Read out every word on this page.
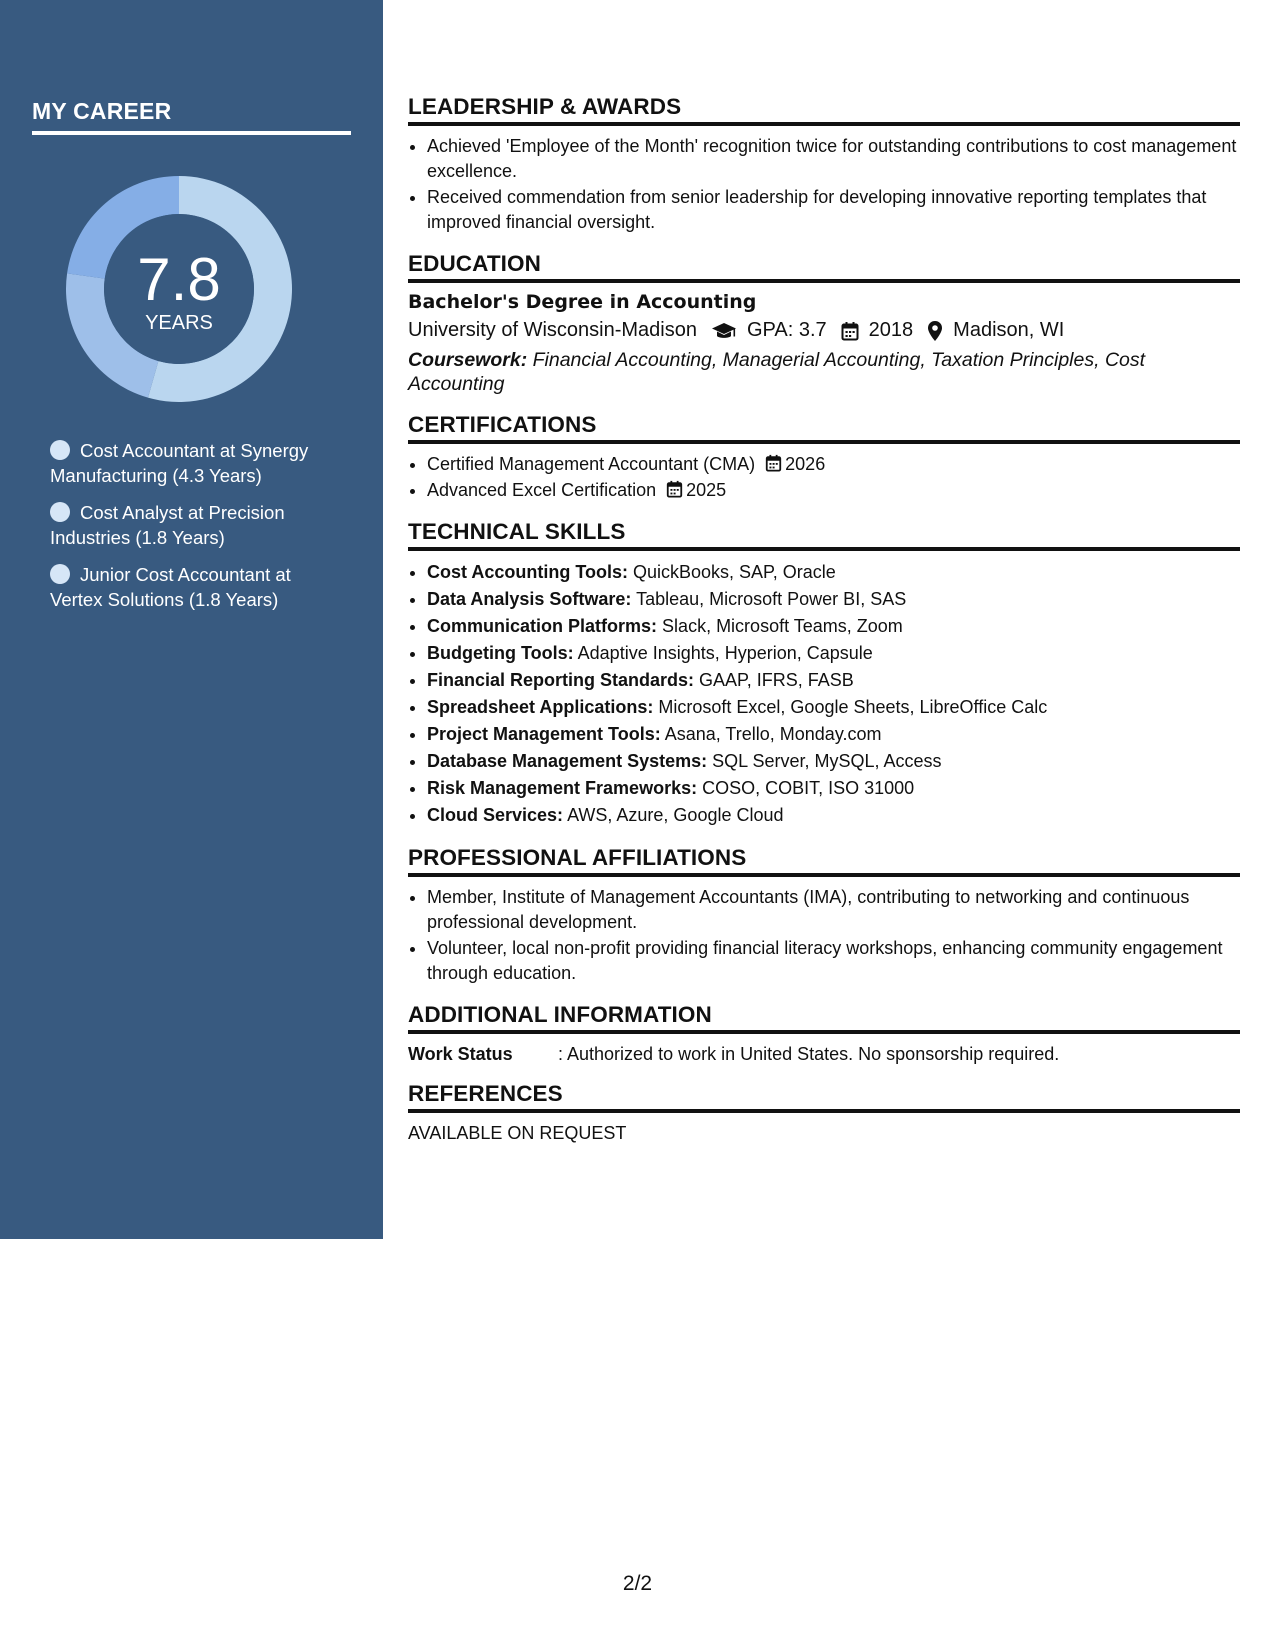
MY CAREER
7.8
YEARS
Cost Accountant at Synergy Manufacturing (4.3 Years)
Cost Analyst at Precision Industries (1.8 Years)
Junior Cost Accountant at Vertex Solutions (1.8 Years)
LEADERSHIP & AWARDS
• Achieved 'Employee of the Month' recognition twice for outstanding contributions to cost management excellence.
• Received commendation from senior leadership for developing innovative reporting templates that improved financial oversight.
EDUCATION
Bachelor's Degree in Accounting
University of Wisconsin-Madison	GPA: 3.7 2018 Madison, WI
Coursework: Financial Accounting, Managerial Accounting, Taxation Principles, Cost Accounting
CERTIFICATIONS
• Certified Management Accountant (CMA) 2026
• Advanced Excel Certification 2025
TECHNICAL SKILLS
• Cost Accounting Tools: QuickBooks, SAP, Oracle
• Data Analysis Software: Tableau, Microsoft Power BI, SAS
• Communication Platforms: Slack, Microsoft Teams, Zoom
• Budgeting Tools: Adaptive Insights, Hyperion, Capsule
• Financial Reporting Standards: GAAP, IFRS, FASB
• Spreadsheet Applications: Microsoft Excel, Google Sheets, LibreOffice Calc
• Project Management Tools: Asana, Trello, Monday.com
• Database Management Systems: SQL Server, MySQL, Access
• Risk Management Frameworks: COSO, COBIT, ISO 31000
• Cloud Services: AWS, Azure, Google Cloud
PROFESSIONAL AFFILIATIONS
• Member, Institute of Management Accountants (IMA), contributing to networking and continuous professional development.
• Volunteer, local non-profit providing financial literacy workshops, enhancing community engagement through education.
ADDITIONAL INFORMATION
Work Status	: Authorized to work in United States. No sponsorship required.
REFERENCES
AVAILABLE ON REQUEST
2/2
